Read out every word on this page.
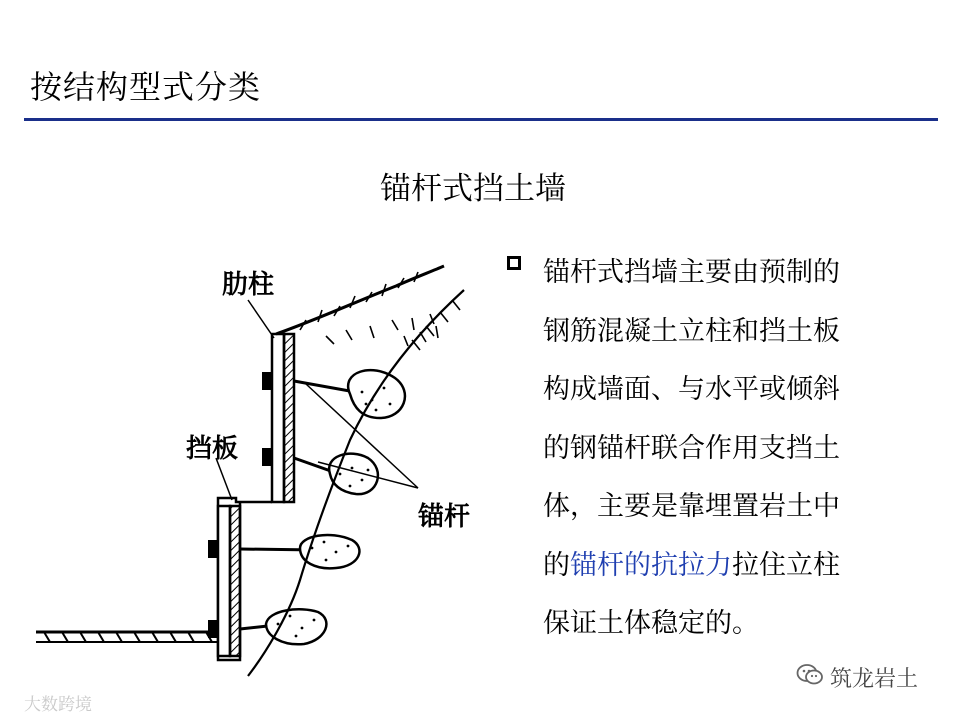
按结构型式分类
锚杆式挡土墙
肋柱
挡板
锚杆
锚杆式挡墙主要由预制的
钢筋混凝土立柱和挡土板
构成墙面、与水平或倾斜
的钢锚杆联合作用支挡土
体，主要是靠埋置岩土中
的锚杆的抗拉力拉住立柱
保证土体稳定的。
大数跨境
筑龙岩土
